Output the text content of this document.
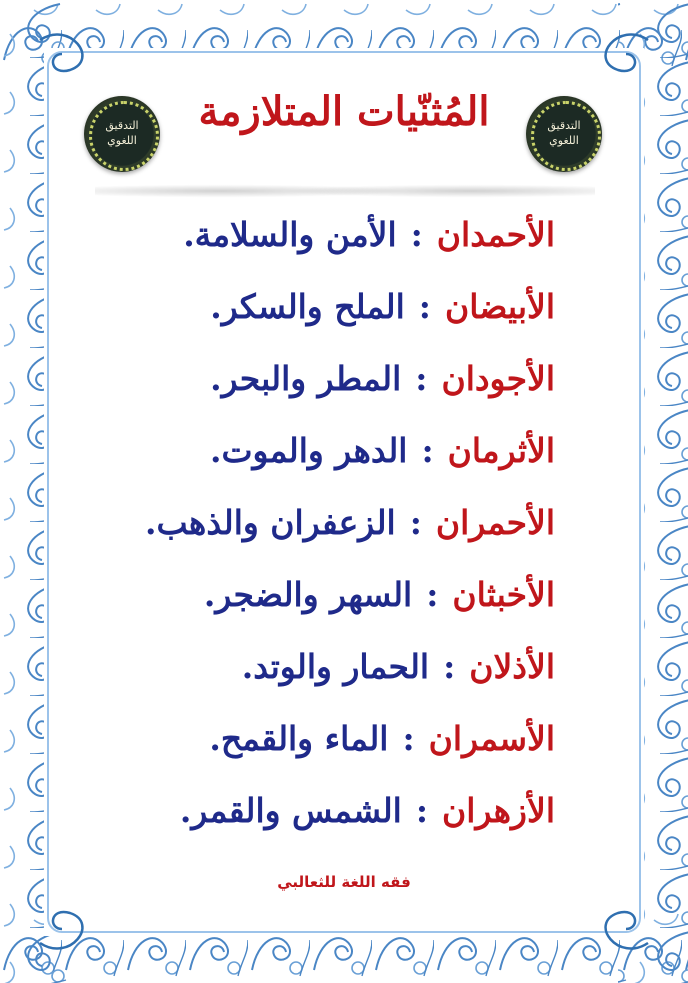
التدقيق
اللغوي
التدقيق
اللغوي
المُثنّيات المتلازمة
الأحمدان:الأمن والسلامة.
الأبيضان:الملح والسكر.
الأجودان:المطر والبحر.
الأثرمان:الدهر والموت.
الأحمران:الزعفران والذهب.
الأخبثان:السهر والضجر.
الأذلان:الحمار والوتد.
الأسمران:الماء والقمح.
الأزهران:الشمس والقمر.
فقه اللغة للثعالبي
